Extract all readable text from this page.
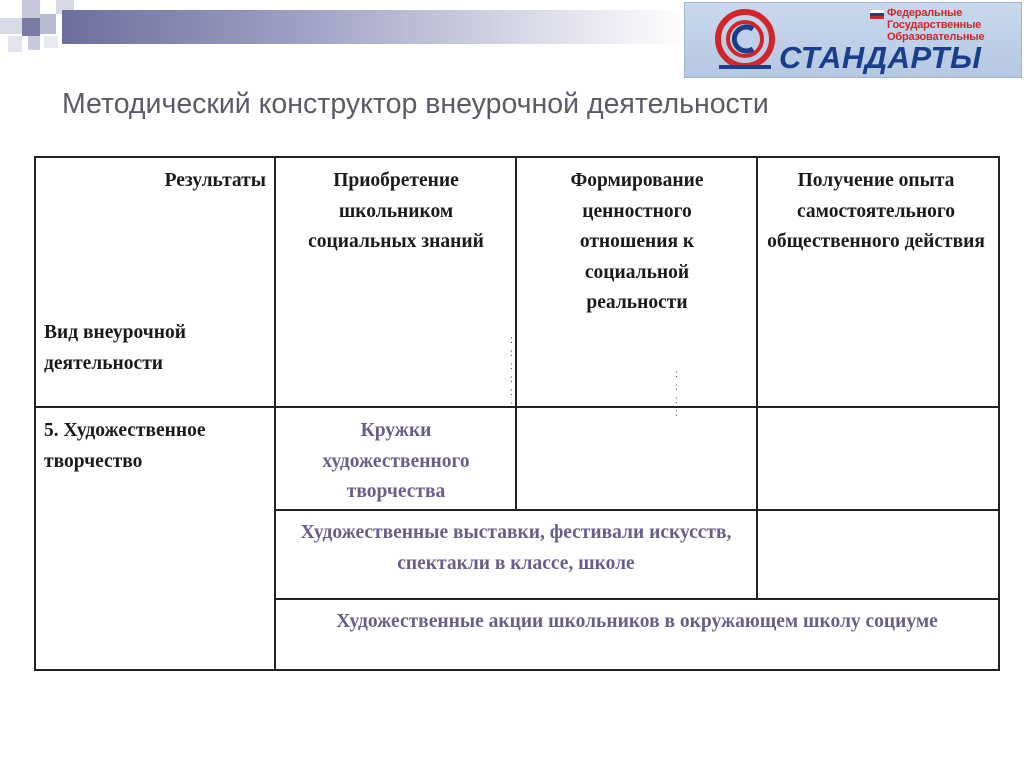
Федеральные
Государственные
Образовательные
СТАНДАРТЫ
Методический конструктор внеурочной деятельности
Результаты
Вид внеурочной деятельности
Приобретение школьником социальных знаний
Формирование ценностного отношения к социальной реальности
Получение опыта самостоятельного общественного действия
5. Художественное творчество
Кружки художественного творчества
Художественные выставки, фестивали искусств, спектакли в классе, школе
Художественные акции школьников в окружающем школу социуме
:
:
:
:
:

:
:
:
:
